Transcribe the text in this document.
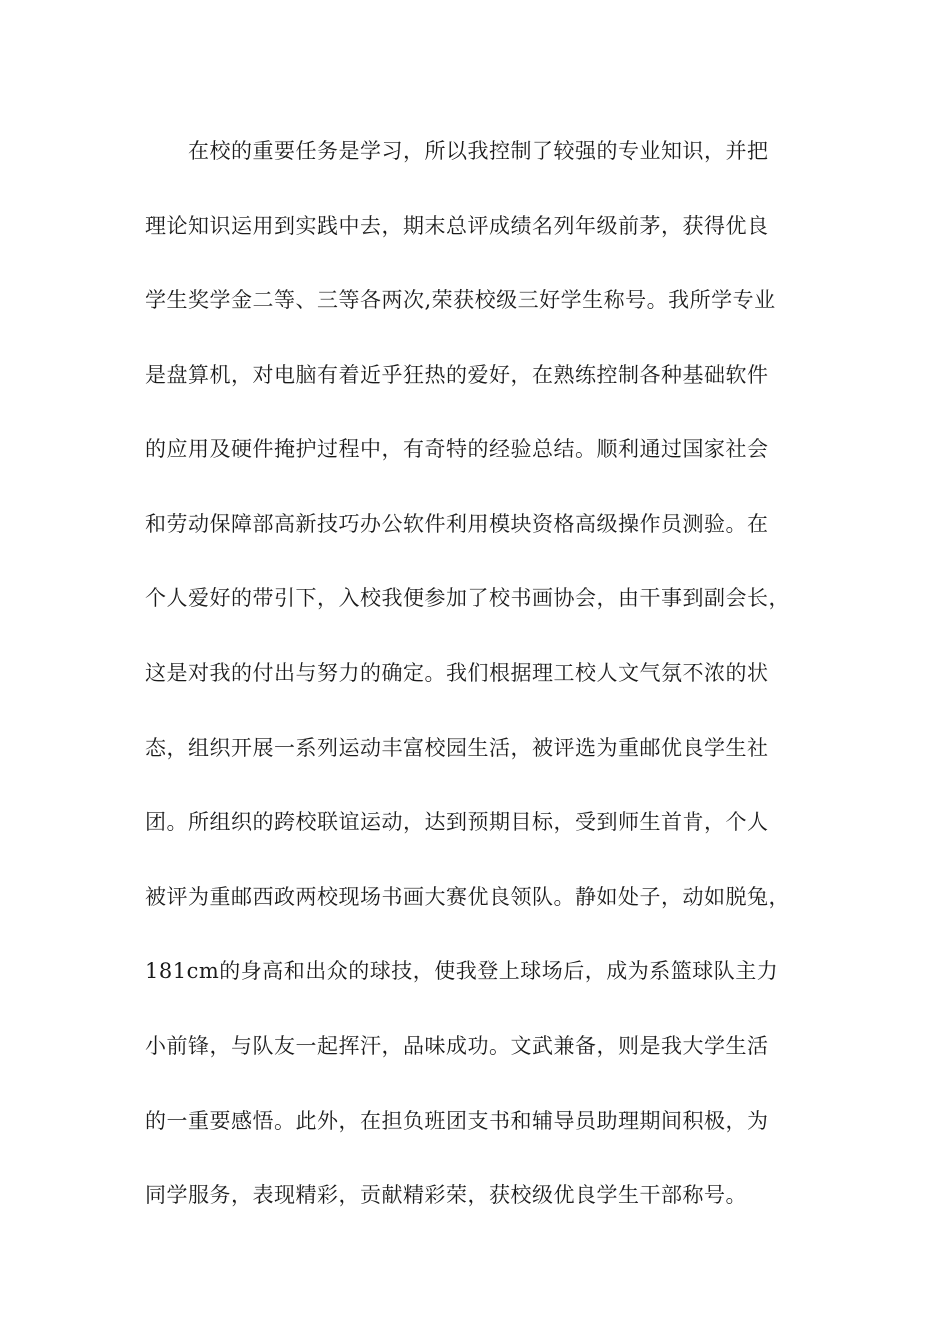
在校的重要任务是学习，所以我控制了较强的专业知识，并把
理论知识运用到实践中去，期末总评成绩名列年级前茅，获得优良
学生奖学金二等、三等各两次,荣获校级三好学生称号。我所学专业
是盘算机，对电脑有着近乎狂热的爱好，在熟练控制各种基础软件
的应用及硬件掩护过程中，有奇特的经验总结。顺利通过国家社会
和劳动保障部高新技巧办公软件利用模块资格高级操作员测验。在
个人爱好的带引下，入校我便参加了校书画协会，由干事到副会长，
这是对我的付出与努力的确定。我们根据理工校人文气氛不浓的状
态，组织开展一系列运动丰富校园生活，被评选为重邮优良学生社
团。所组织的跨校联谊运动，达到预期目标，受到师生首肯，个人
被评为重邮西政两校现场书画大赛优良领队。静如处子，动如脱兔，
181cm的身高和出众的球技，使我登上球场后，成为系篮球队主力
小前锋，与队友一起挥汗，品味成功。文武兼备，则是我大学生活
的一重要感悟。此外，在担负班团支书和辅导员助理期间积极，为
同学服务，表现精彩，贡献精彩荣，获校级优良学生干部称号。
